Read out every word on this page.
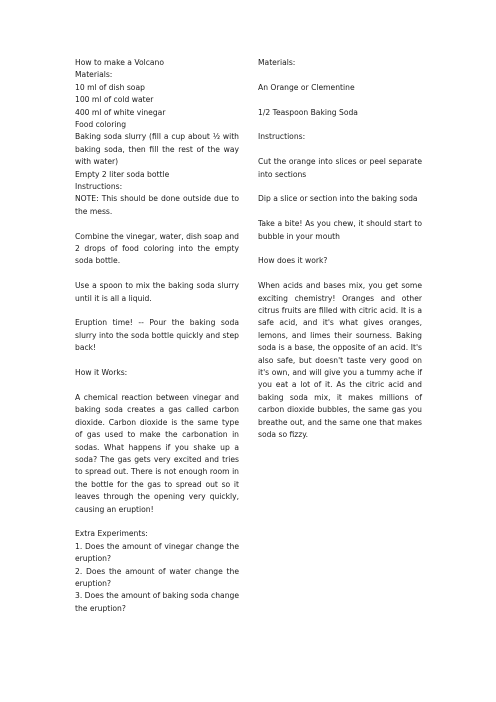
How to make a Volcano

Materials:

10 ml of dish soap

100 ml of cold water

400 ml of white vinegar

Food coloring

Baking soda slurry (fill a cup about ½ with baking soda, then fill the rest of the way with water)

Empty 2 liter soda bottle

Instructions:

NOTE: This should be done outside due to the mess.

Combine the vinegar, water, dish soap and 2 drops of food coloring into the empty soda bottle.

Use a spoon to mix the baking soda slurry until it is all a liquid.

Eruption time! -- Pour the baking soda slurry into the soda bottle quickly and step back!

How it Works:

A chemical reaction between vinegar and baking soda creates a gas called carbon dioxide. Carbon dioxide is the same type of gas used to make the carbonation in sodas. What happens if you shake up a soda? The gas gets very excited and tries to spread out. There is not enough room in the bottle for the gas to spread out so it leaves through the opening very quickly, causing an eruption!

Extra Experiments:

1. Does the amount of vinegar change the eruption?

2. Does the amount of water change the eruption?

3. Does the amount of baking soda change the eruption?

Materials:

An Orange or Clementine

1/2 Teaspoon Baking Soda

Instructions:

Cut the orange into slices or peel separate into sections

Dip a slice or section into the baking soda

Take a bite! As you chew, it should start to bubble in your mouth

How does it work?

When acids and bases mix, you get some exciting chemistry! Oranges and other citrus fruits are filled with citric acid. It is a safe acid, and it's what gives oranges, lemons, and limes their sourness. Baking soda is a base, the opposite of an acid. It's also safe, but doesn't taste very good on it's own, and will give you a tummy ache if you eat a lot of it. As the citric acid and baking soda mix, it makes millions of carbon dioxide bubbles, the same gas you breathe out, and the same one that makes soda so fizzy.
